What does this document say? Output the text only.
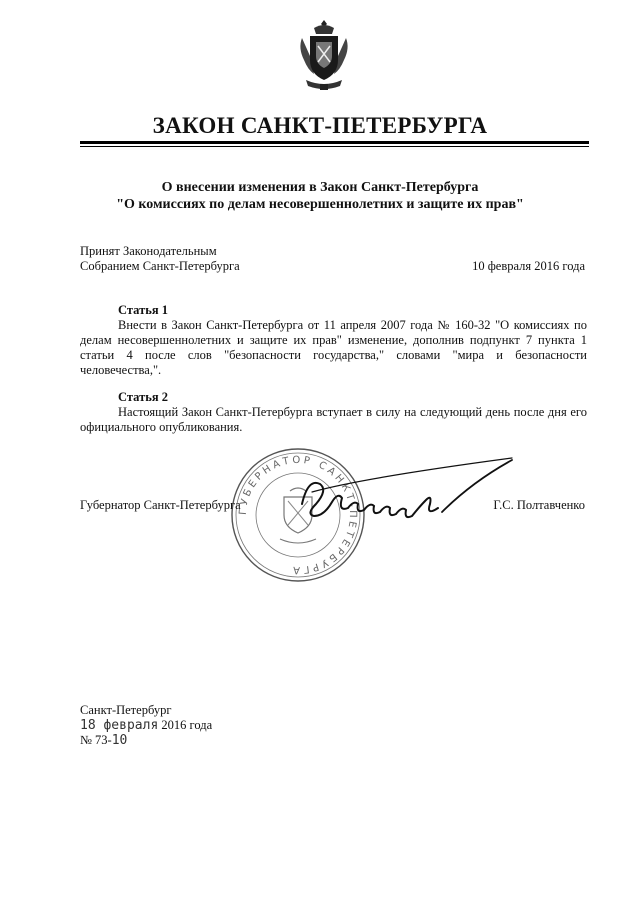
ЗАКОН САНКТ-ПЕТЕРБУРГА
О внесении изменения в Закон Санкт-Петербурга
"О комиссиях по делам несовершеннолетних и защите их прав"
Принят Законодательным
Собранием Санкт-Петербурга	10 февраля 2016 года
Статья 1
Внести в Закон Санкт-Петербурга от 11 апреля 2007 года № 160-32 "О комиссиях по делам несовершеннолетних и защите их прав" изменение, дополнив подпункт 7 пункта 1 статьи 4 после слов "безопасности государства," словами "мира и безопасности человечества,".
Статья 2
Настоящий Закон Санкт-Петербурга вступает в силу на следующий день после дня его официального опубликования.
ГУБЕРНАТОР САНКТ-ПЕТЕРБУРГА
Губернатор Санкт-Петербурга	Г.С. Полтавченко
Санкт-Петербург
18 февраля 2016 года
№ 73-10
